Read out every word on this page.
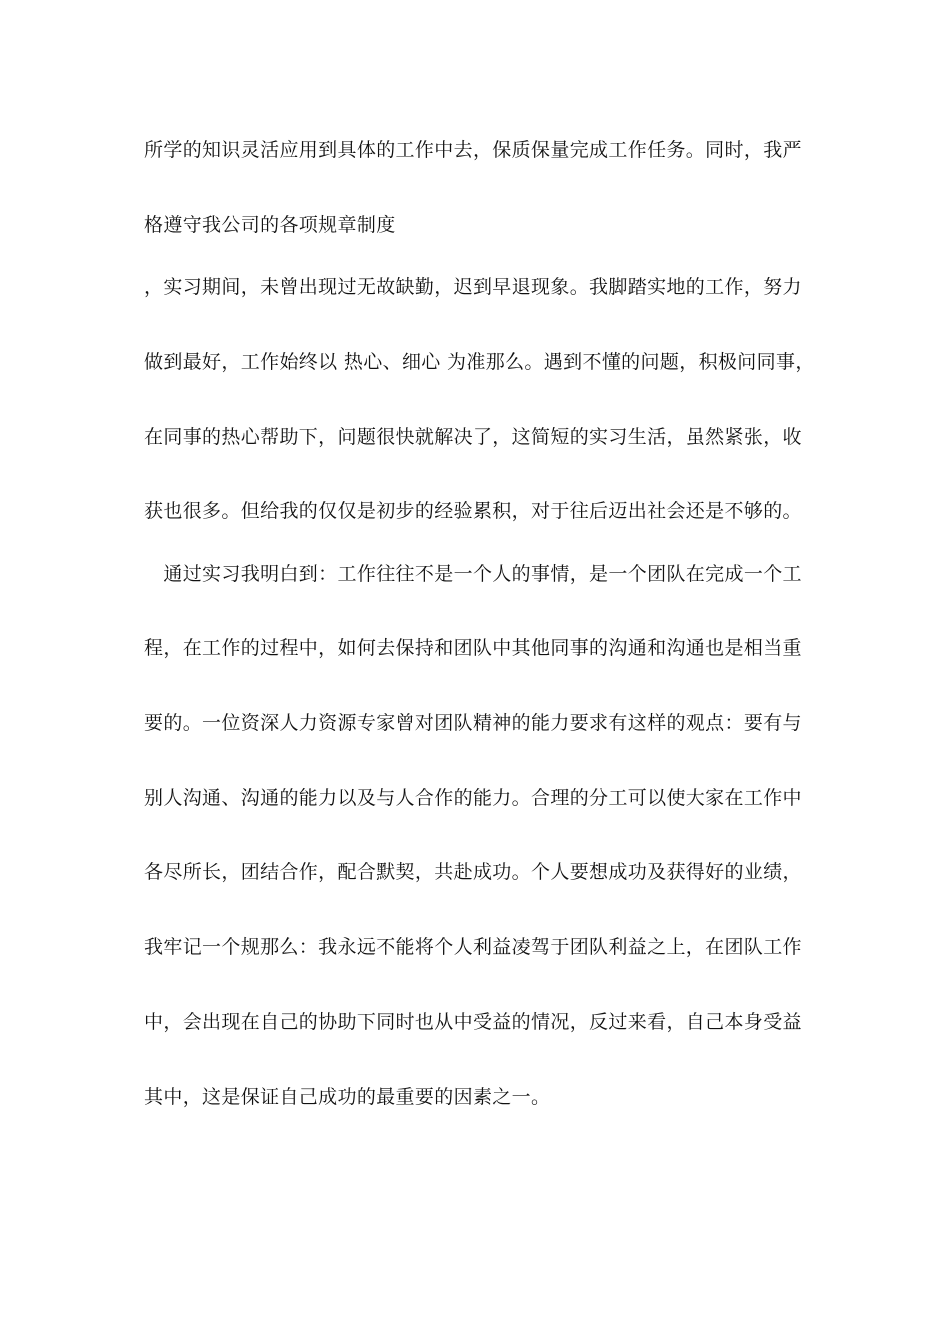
所学的知识灵活应用到具体的工作中去，保质保量完成工作任务。同时，我严
格遵守我公司的各项规章制度
，实习期间，未曾出现过无故缺勤，迟到早退现象。我脚踏实地的工作，努力
做到最好，工作始终以 热心、细心 为准那么。遇到不懂的问题，积极问同事，
在同事的热心帮助下，问题很快就解决了，这简短的实习生活，虽然紧张，收
获也很多。但给我的仅仅是初步的经验累积，对于往后迈出社会还是不够的。
　通过实习我明白到：工作往往不是一个人的事情，是一个团队在完成一个工
程，在工作的过程中，如何去保持和团队中其他同事的沟通和沟通也是相当重
要的。一位资深人力资源专家曾对团队精神的能力要求有这样的观点：要有与
别人沟通、沟通的能力以及与人合作的能力。合理的分工可以使大家在工作中
各尽所长，团结合作，配合默契，共赴成功。个人要想成功及获得好的业绩，
我牢记一个规那么：我永远不能将个人利益凌驾于团队利益之上，在团队工作
中，会出现在自己的协助下同时也从中受益的情况，反过来看，自己本身受益
其中，这是保证自己成功的最重要的因素之一。
